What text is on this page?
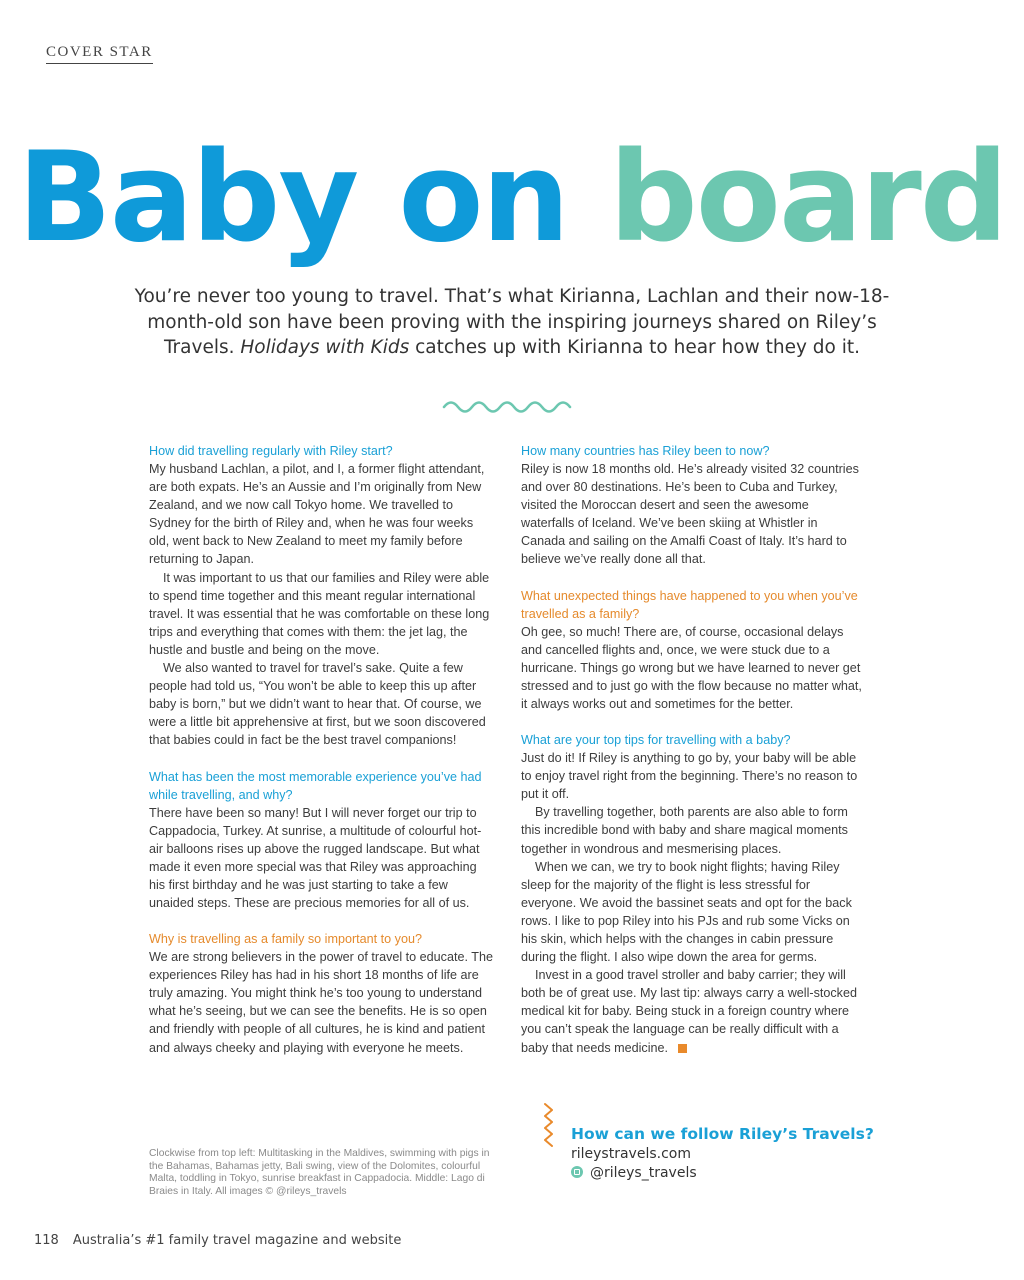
COVER STAR
Baby on board

You’re never too young to travel. That’s what Kirianna, Lachlan and their now-18-month-old son have been proving with the inspiring journeys shared on Riley’s Travels. Holidays with Kids catches up with Kirianna to hear how they do it.

How did travelling regularly with Riley start?

My husband Lachlan, a pilot, and I, a former flight attendant, are both expats. He’s an Aussie and I’m originally from New Zealand, and we now call Tokyo home. We travelled to Sydney for the birth of Riley and, when he was four weeks old, went back to New Zealand to meet my family before returning to Japan.

It was important to us that our families and Riley were able to spend time together and this meant regular international travel. It was essential that he was comfortable on these long trips and everything that comes with them: the jet lag, the hustle and bustle and being on the move.

We also wanted to travel for travel’s sake. Quite a few people had told us, “You won’t be able to keep this up after baby is born,” but we didn’t want to hear that. Of course, we were a little bit apprehensive at first, but we soon discovered that babies could in fact be the best travel companions!

What has been the most memorable experience you’ve had while travelling, and why?

There have been so many! But I will never forget our trip to Cappadocia, Turkey. At sunrise, a multitude of colourful hot-air balloons rises up above the rugged landscape. But what made it even more special was that Riley was approaching his first birthday and he was just starting to take a few unaided steps. These are precious memories for all of us.

Why is travelling as a family so important to you?

We are strong believers in the power of travel to educate. The experiences Riley has had in his short 18 months of life are truly amazing. You might think he’s too young to understand what he’s seeing, but we can see the benefits. He is so open and friendly with people of all cultures, he is kind and patient and always cheeky and playing with everyone he meets.

How many countries has Riley been to now?

Riley is now 18 months old. He’s already visited 32 countries and over 80 destinations. He’s been to Cuba and Turkey, visited the Moroccan desert and seen the awesome waterfalls of Iceland. We’ve been skiing at Whistler in Canada and sailing on the Amalfi Coast of Italy. It’s hard to believe we’ve really done all that.

What unexpected things have happened to you when you’ve travelled as a family?

Oh gee, so much! There are, of course, occasional delays and cancelled flights and, once, we were stuck due to a hurricane. Things go wrong but we have learned to never get stressed and to just go with the flow because no matter what, it always works out and sometimes for the better.

What are your top tips for travelling with a baby?

Just do it! If Riley is anything to go by, your baby will be able to enjoy travel right from the beginning. There’s no reason to put it off.

By travelling together, both parents are also able to form this incredible bond with baby and share magical moments together in wondrous and mesmerising places.

When we can, we try to book night flights; having Riley sleep for the majority of the flight is less stressful for everyone. We avoid the bassinet seats and opt for the back rows. I like to pop Riley into his PJs and rub some Vicks on his skin, which helps with the changes in cabin pressure during the flight. I also wipe down the area for germs.

Invest in a good travel stroller and baby carrier; they will both be of great use. My last tip: always carry a well-stocked medical kit for baby. Being stuck in a foreign country where you can’t speak the language can be really difficult with a baby that needs medicine.

Clockwise from top left: Multitasking in the Maldives, swimming with pigs in the Bahamas, Bahamas jetty, Bali swing, view of the Dolomites, colourful Malta, toddling in Tokyo, sunrise breakfast in Cappadocia. Middle: Lago di Braies in Italy. All images © @rileys_travels

How can we follow Riley’s Travels?

rileystravels.com
@rileys_travels
118 Australia’s #1 family travel magazine and website
